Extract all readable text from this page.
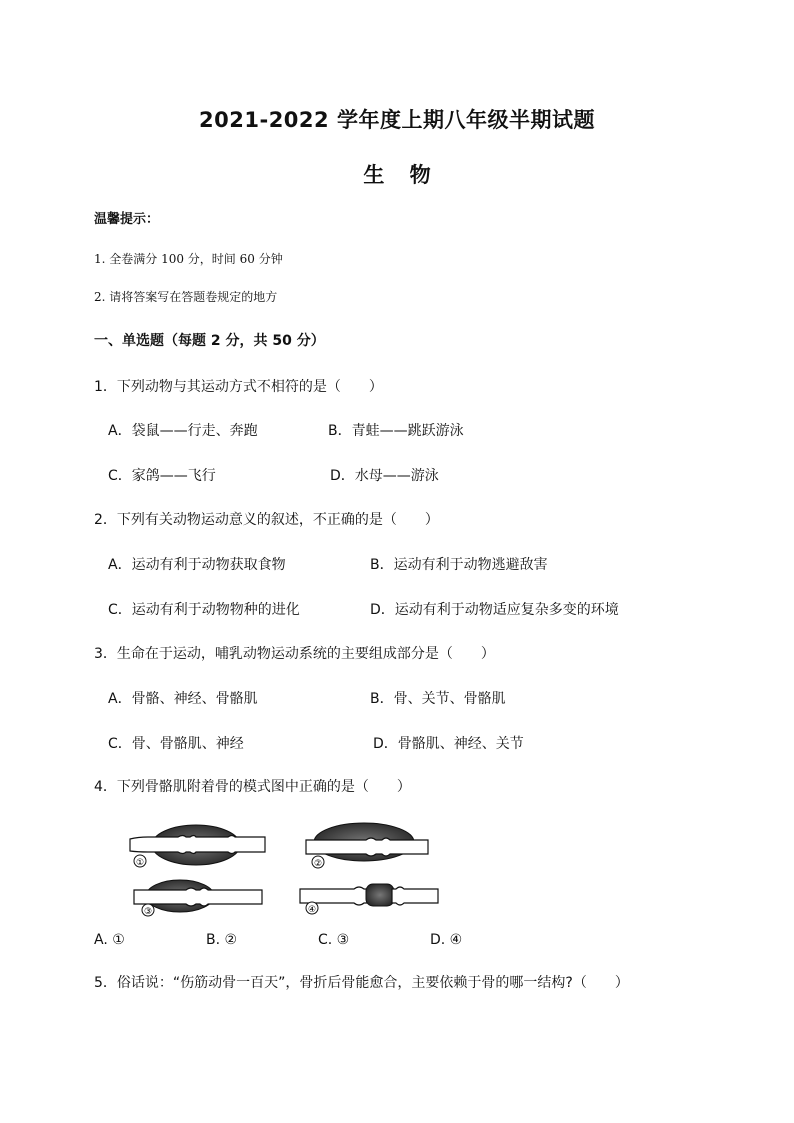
2021-2022 学年度上期八年级半期试题
生 物
温馨提示：
1. 全卷满分 100 分，时间 60 分钟
2. 请将答案写在答题卷规定的地方
一、单选题（每题 2 分，共 50 分）
1．下列动物与其运动方式不相符的是（　　）
A．袋鼠——行走、奔跑	B．青蛙——跳跃游泳
C．家鸽——飞行	D．水母——游泳
2．下列有关动物运动意义的叙述，不正确的是（　　）
A．运动有利于动物获取食物	B．运动有利于动物逃避敌害
C．运动有利于动物物种的进化	D．运动有利于动物适应复杂多变的环境
3．生命在于运动，哺乳动物运动系统的主要组成部分是（　　）
A．骨骼、神经、骨骼肌	B．骨、关节、骨骼肌
C．骨、骨骼肌、神经	D．骨骼肌、神经、关节
4．下列骨骼肌附着骨的模式图中正确的是（　　）
①	②
③	④
A. ①	B. ②	C. ③	D. ④
5．俗话说：“伤筋动骨一百天”，骨折后骨能愈合，主要依赖于骨的哪一结构?（　　）
